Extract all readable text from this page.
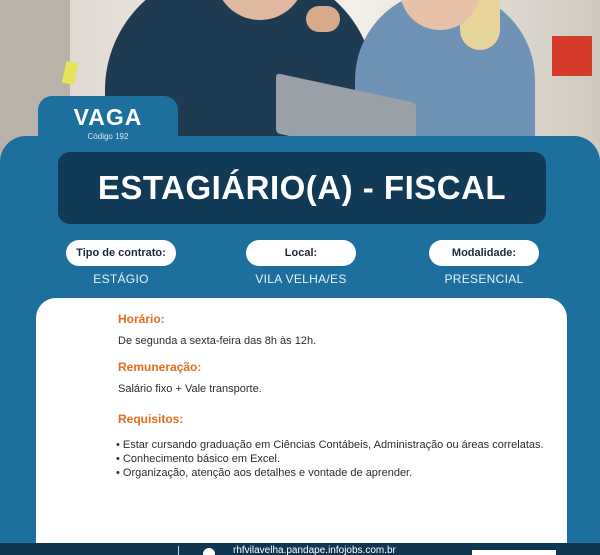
VAGA
Código 192
ESTAGIÁRIO(A) - FISCAL
Tipo de contrato:
ESTÁGIO
Local:
VILA VELHA/ES
Modalidade:
PRESENCIAL
Horário:
De segunda a sexta-feira das 8h às 12h.
Remuneração:
Salário fixo + Vale transporte.
Requisitos:
• Estar cursando graduação em Ciências Contábeis, Administração ou áreas correlatas.
• Conhecimento básico em Excel.
• Organização, atenção aos detalhes e vontade de aprender.
rhfvilavelha.pandape.infojobs.com.br
